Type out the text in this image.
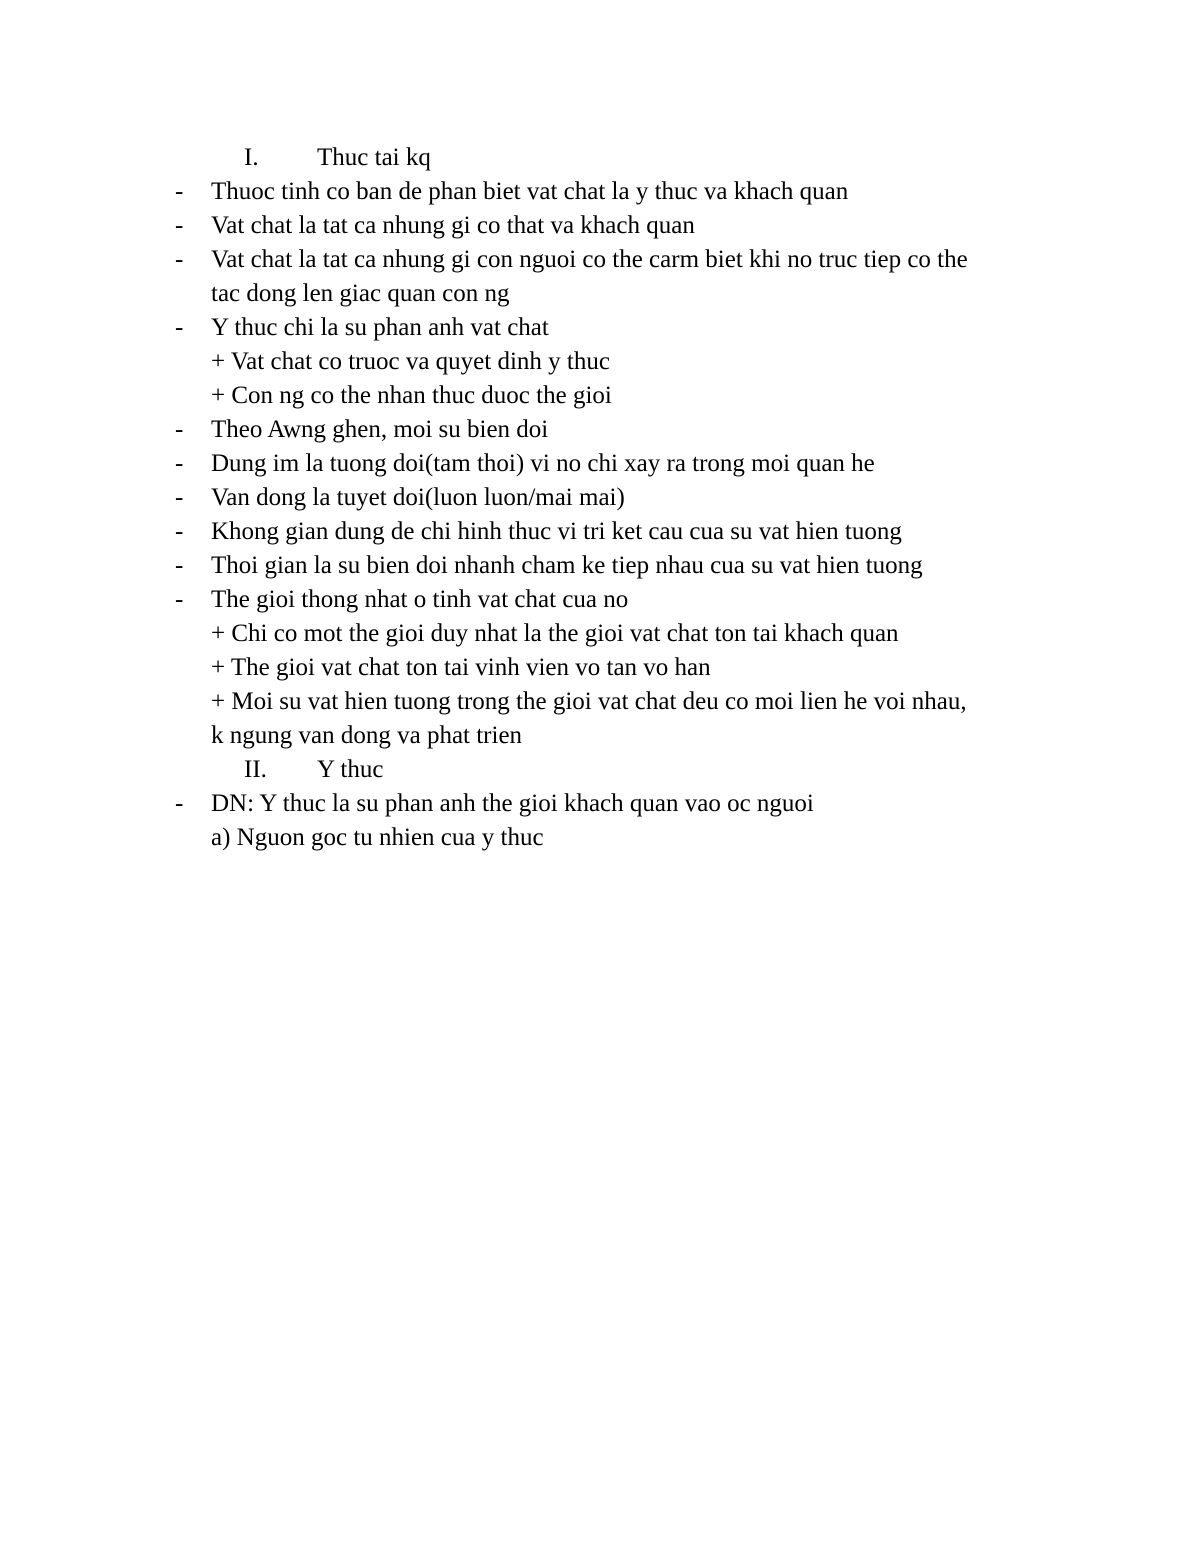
I. Thuc tai kq
- Thuoc tinh co ban de phan biet vat chat la y thuc va khach quan
- Vat chat la tat ca nhung gi co that va khach quan
- Vat chat la tat ca nhung gi con nguoi co the carm biet khi no truc tiep co the
tac dong len giac quan con ng
- Y thuc chi la su phan anh vat chat
+ Vat chat co truoc va quyet dinh y thuc
+ Con ng co the nhan thuc duoc the gioi
- Theo Awng ghen, moi su bien doi
- Dung im la tuong doi(tam thoi) vi no chi xay ra trong moi quan he
- Van dong la tuyet doi(luon luon/mai mai)
- Khong gian dung de chi hinh thuc vi tri ket cau cua su vat hien tuong
- Thoi gian la su bien doi nhanh cham ke tiep nhau cua su vat hien tuong
- The gioi thong nhat o tinh vat chat cua no
+ Chi co mot the gioi duy nhat la the gioi vat chat ton tai khach quan
+ The gioi vat chat ton tai vinh vien vo tan vo han
+ Moi su vat hien tuong trong the gioi vat chat deu co moi lien he voi nhau,
k ngung van dong va phat trien
II. Y thuc
- DN: Y thuc la su phan anh the gioi khach quan vao oc nguoi
a) Nguon goc tu nhien cua y thuc
